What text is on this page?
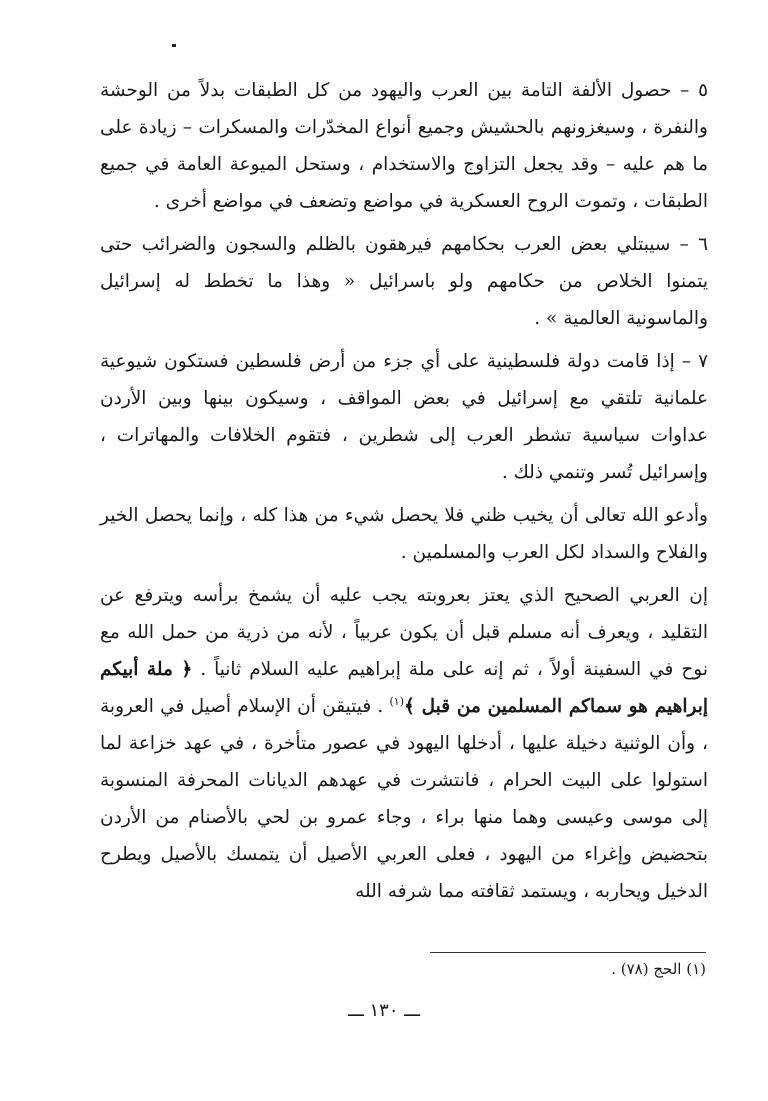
٥ – حصول الألفة التامة بين العرب واليهود من كل الطبقات بدلاً من الوحشة والنفرة ، وسيغزونهم بالحشيش وجميع أنواع المخدّرات والمسكرات – زيادة على ما هم عليه – وقد يجعل التزاوج والاستخدام ، وستحل الميوعة العامة في جميع الطبقات ، وتموت الروح العسكرية في مواضع وتضعف في مواضع أخرى .

٦ – سيبتلي بعض العرب بحكامهم فيرهقون بالظلم والسجون والضرائب حتى يتمنوا الخلاص من حكامهم ولو باسرائيل « وهذا ما تخطط له إسرائيل والماسونية العالمية » .

٧ – إذا قامت دولة فلسطينية على أي جزء من أرض فلسطين فستكون شيوعية علمانية تلتقي مع إسرائيل في بعض المواقف ، وسيكون بينها وبين الأردن عداوات سياسية تشطر العرب إلى شطرين ، فتقوم الخلافات والمهاترات ، وإسرائيل تُسر وتنمي ذلك .

وأدعو الله تعالى أن يخيب ظني فلا يحصل شيء من هذا كله ، وإنما يحصل الخير والفلاح والسداد لكل العرب والمسلمين .

إن العربي الصحيح الذي يعتز بعروبته يجب عليه أن يشمخ برأسه ويترفع عن التقليد ، ويعرف أنه مسلم قبل أن يكون عربياً ، لأنه من ذرية من حمل الله مع نوح في السفينة أولاً ، ثم إنه على ملة إبراهيم عليه السلام ثانياً . ﴿ ملة أبيكم إبراهيم هو سماكم المسلمين من قبل ﴾$^{(١)}$ . فيتيقن أن الإسلام أصيل في العروبة ، وأن الوثنية دخيلة عليها ، أدخلها اليهود في عصور متأخرة ، في عهد خزاعة لما استولوا على البيت الحرام ، فانتشرت في عهدهم الديانات المحرفة المنسوبة إلى موسى وعيسى وهما منها براء ، وجاء عمرو بن لحي بالأصنام من الأردن بتحضيض وإغراء من اليهود ، فعلى العربي الأصيل أن يتمسك بالأصيل ويطرح الدخيل ويحاربه ، ويستمد ثقافته مما شرفه الله

(١) الحج (٧٨) .
ـــ ١٣٠ ـــ
